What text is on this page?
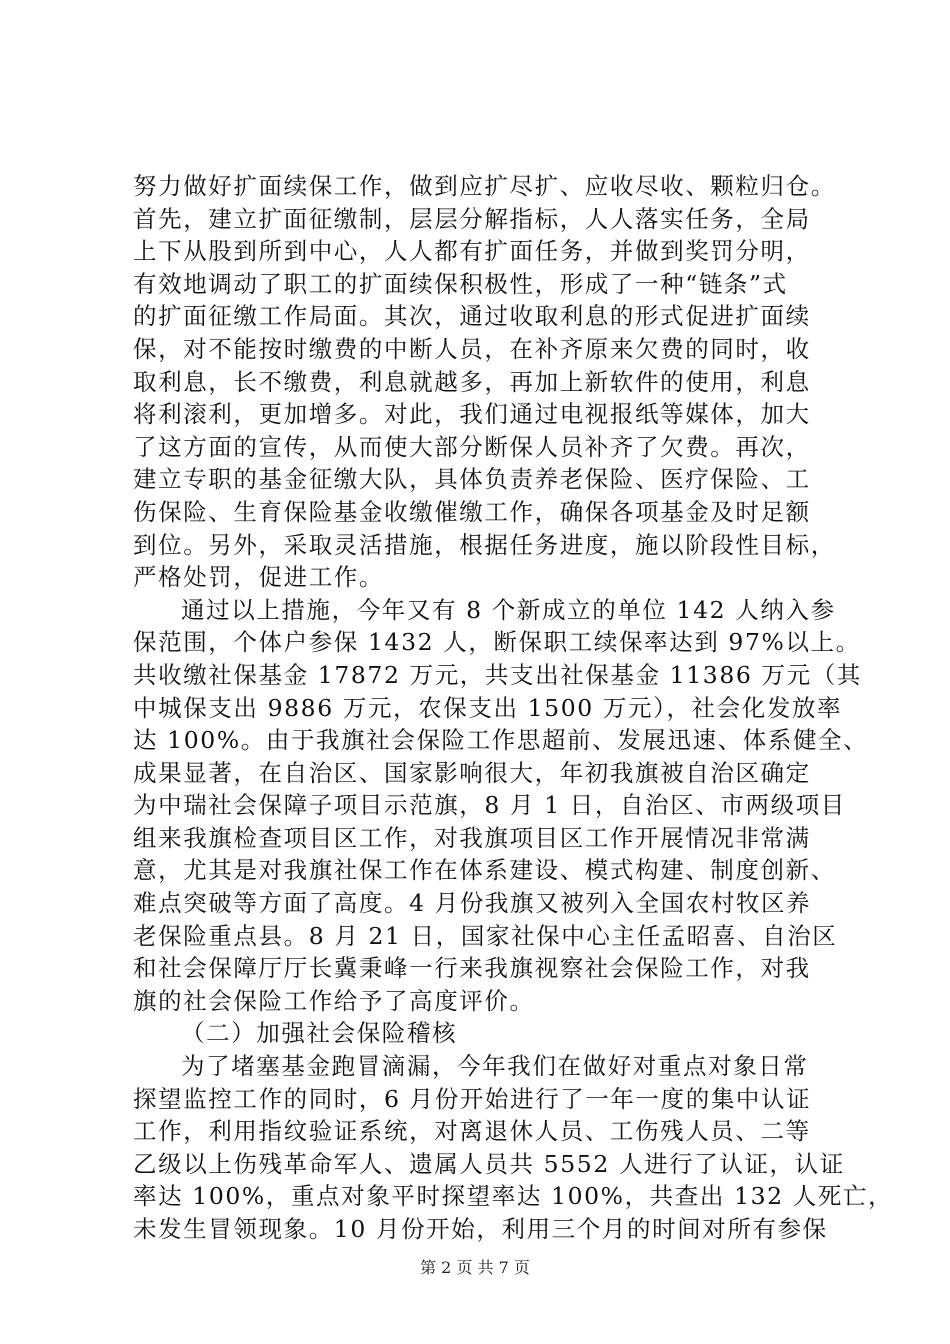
努力做好扩面续保工作，做到应扩尽扩、应收尽收、颗粒归仓。
首先，建立扩面征缴制，层层分解指标，人人落实任务，全局
上下从股到所到中心，人人都有扩面任务，并做到奖罚分明，
有效地调动了职工的扩面续保积极性，形成了一种“链条”式
的扩面征缴工作局面。其次，通过收取利息的形式促进扩面续
保，对不能按时缴费的中断人员，在补齐原来欠费的同时，收
取利息，长不缴费，利息就越多，再加上新软件的使用，利息
将利滚利，更加增多。对此，我们通过电视报纸等媒体，加大
了这方面的宣传，从而使大部分断保人员补齐了欠费。再次，
建立专职的基金征缴大队，具体负责养老保险、医疗保险、工
伤保险、生育保险基金收缴催缴工作，确保各项基金及时足额
到位。另外，采取灵活措施，根据任务进度，施以阶段性目标，
严格处罚，促进工作。
通过以上措施，今年又有 8 个新成立的单位 142 人纳入参
保范围，个体户参保 1432 人，断保职工续保率达到 97%以上。
共收缴社保基金 17872 万元，共支出社保基金 11386 万元（其
中城保支出 9886 万元，农保支出 1500 万元），社会化发放率
达 100%。由于我旗社会保险工作思超前、发展迅速、体系健全、
成果显著，在自治区、国家影响很大，年初我旗被自治区确定
为中瑞社会保障子项目示范旗，8 月 1 日，自治区、市两级项目
组来我旗检查项目区工作，对我旗项目区工作开展情况非常满
意，尤其是对我旗社保工作在体系建设、模式构建、制度创新、
难点突破等方面了高度。4 月份我旗又被列入全国农村牧区养
老保险重点县。8 月 21 日，国家社保中心主任孟昭喜、自治区
和社会保障厅厅长冀秉峰一行来我旗视察社会保险工作，对我
旗的社会保险工作给予了高度评价。
（二）加强社会保险稽核
为了堵塞基金跑冒滴漏，今年我们在做好对重点对象日常
探望监控工作的同时，6 月份开始进行了一年一度的集中认证
工作，利用指纹验证系统，对离退休人员、工伤残人员、二等
乙级以上伤残革命军人、遗属人员共 5552 人进行了认证，认证
率达 100%，重点对象平时探望率达 100%，共查出 132 人死亡，
未发生冒领现象。10 月份开始，利用三个月的时间对所有参保
第 2 页 共 7 页
